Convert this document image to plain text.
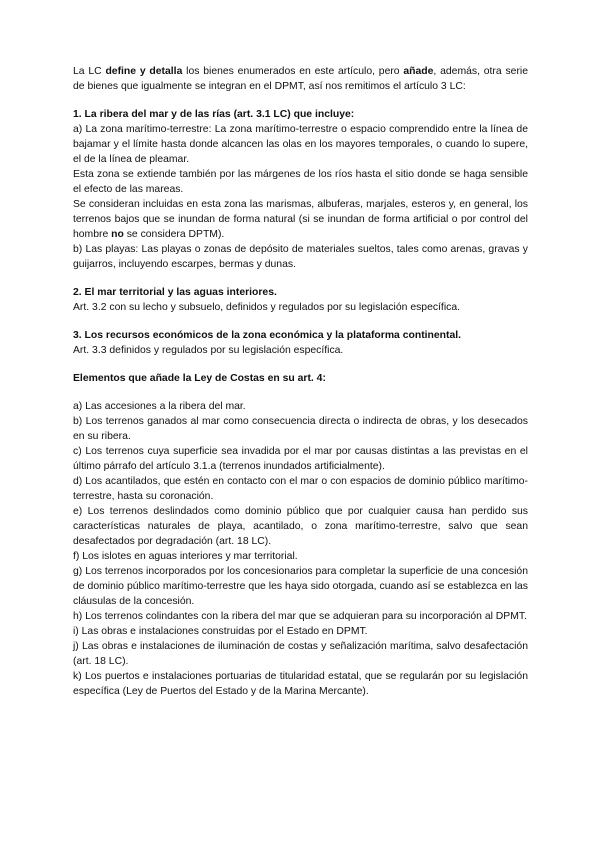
La LC define y detalla los bienes enumerados en este artículo, pero añade, además, otra serie de bienes que igualmente se integran en el DPMT, así nos remitimos el artículo 3 LC:

1. La ribera del mar y de las rías (art. 3.1 LC) que incluye:

a) La zona marítimo-terrestre: La zona marítimo-terrestre o espacio comprendido entre la línea de bajamar y el límite hasta donde alcancen las olas en los mayores temporales, o cuando lo supere, el de la línea de pleamar.

Esta zona se extiende también por las márgenes de los ríos hasta el sitio donde se haga sensible el efecto de las mareas.

Se consideran incluidas en esta zona las marismas, albuferas, marjales, esteros y, en general, los terrenos bajos que se inundan de forma natural (si se inundan de forma artificial o por control del hombre no se considera DPTM).

b) Las playas: Las playas o zonas de depósito de materiales sueltos, tales como arenas, gravas y guijarros, incluyendo escarpes, bermas y dunas.

2. El mar territorial y las aguas interiores.

Art. 3.2 con su lecho y subsuelo, definidos y regulados por su legislación específica.

3. Los recursos económicos de la zona económica y la plataforma continental.

Art. 3.3 definidos y regulados por su legislación específica.

Elementos que añade la Ley de Costas en su art. 4:

a) Las accesiones a la ribera del mar.

b) Los terrenos ganados al mar como consecuencia directa o indirecta de obras, y los desecados en su ribera.

c) Los terrenos cuya superficie sea invadida por el mar por causas distintas a las previstas en el último párrafo del artículo 3.1.a (terrenos inundados artificialmente).

d) Los acantilados, que estén en contacto con el mar o con espacios de dominio público marítimo- terrestre, hasta su coronación.

e) Los terrenos deslindados como dominio público que por cualquier causa han perdido sus características naturales de playa, acantilado, o zona marítimo-terrestre, salvo que sean desafectados por degradación (art. 18 LC).

f) Los islotes en aguas interiores y mar territorial.

g) Los terrenos incorporados por los concesionarios para completar la superficie de una concesión de dominio público marítimo-terrestre que les haya sido otorgada, cuando así se establezca en las cláusulas de la concesión.

h) Los terrenos colindantes con la ribera del mar que se adquieran para su incorporación al DPMT.

i) Las obras e instalaciones construidas por el Estado en DPMT.

j) Las obras e instalaciones de iluminación de costas y señalización marítima, salvo desafectación (art. 18 LC).

k) Los puertos e instalaciones portuarias de titularidad estatal, que se regularán por su legislación específica (Ley de Puertos del Estado y de la Marina Mercante).
